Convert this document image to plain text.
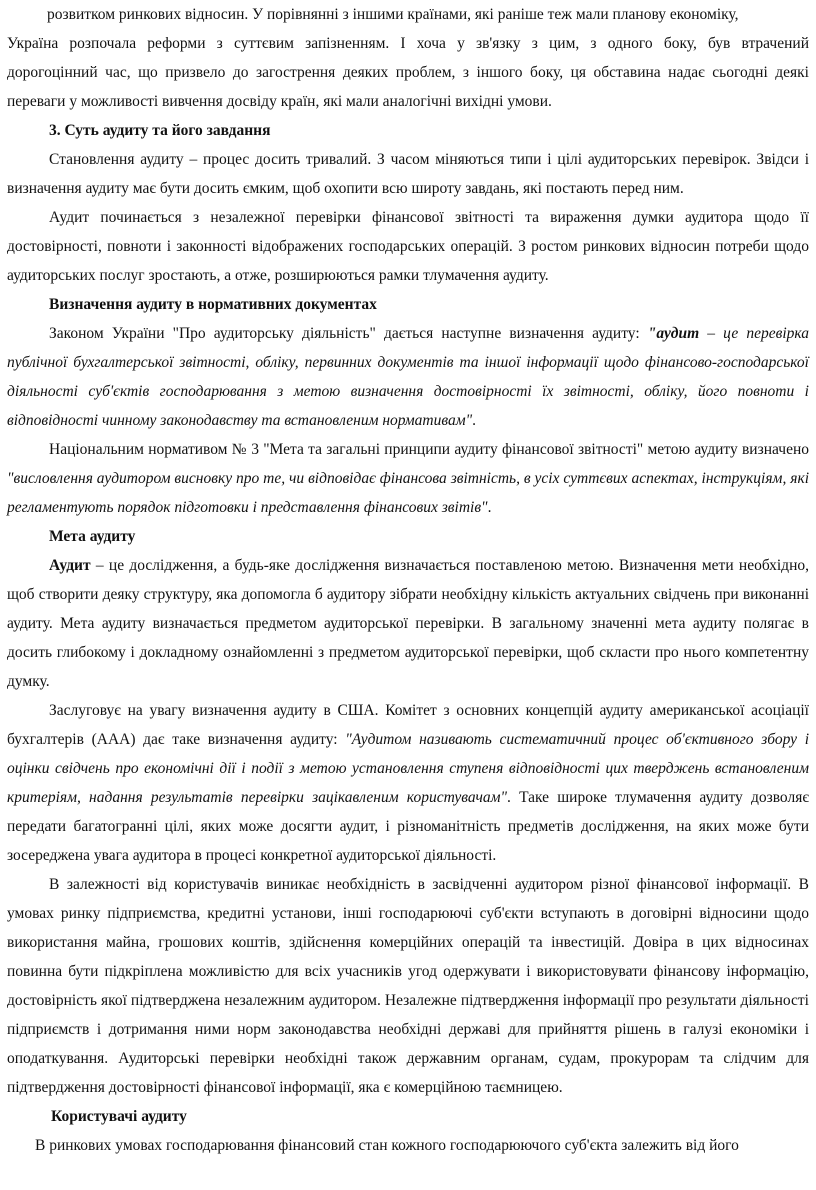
розвитком ринкових відносин. У порівнянні з іншими країнами, які раніше теж мали планову економіку,

Україна розпочала реформи з суттєвим запізненням. І хоча у зв'язку з цим, з одного боку, був втрачений

дорогоцінний час, що призвело до загострення деяких проблем, з іншого боку, ця обставина надає сьогодні деякі

переваги у можливості вивчення досвіду країн, які мали аналогічні вихідні умови.

3. Суть аудиту та його завдання

Становлення аудиту – процес досить тривалий. З часом міняються типи і цілі аудиторських перевірок. Звідси і визначення аудиту має бути досить ємким, щоб охопити всю широту завдань, які постають перед ним.

Аудит починається з незалежної перевірки фінансової звітності та вираження думки аудитора щодо її достовірності, повноти і законності відображених господарських операцій. З ростом ринкових відносин потреби щодо аудиторських послуг зростають, а отже, розширюються рамки тлумачення аудиту.

Визначення аудиту в нормативних документах

Законом України "Про аудиторську діяльність" дається наступне визначення аудиту: "аудит – це перевірка публічної бухгалтерської звітності, обліку, первинних документів та іншої інформації щодо фінансово-господарської діяльності суб'єктів господарювання з метою визначення достовірності їх звітності, обліку, його повноти і відповідності чинному законодавству та встановленим нормативам".

Національним нормативом № 3 "Мета та загальні принципи аудиту фінансової звітності" метою аудиту визначено "висловлення аудитором висновку про те, чи відповідає фінансова звітність, в усіх суттєвих аспектах, інструкціям, які регламентують порядок підготовки і представлення фінансових звітів".

Мета аудиту

Аудит – це дослідження, а будь-яке дослідження визначається поставленою метою. Визначення мети необхідно, щоб створити деяку структуру, яка допомогла б аудитору зібрати необхідну кількість актуальних свідчень при виконанні аудиту. Мета аудиту визначається предметом аудиторської перевірки. В загальному значенні мета аудиту полягає в досить глибокому і докладному ознайомленні з предметом аудиторської перевірки, щоб скласти про нього компетентну думку.

Заслуговує на увагу визначення аудиту в США. Комітет з основних концепцій аудиту американської асоціації бухгалтерів (ААА) дає таке визначення аудиту: "Аудитом називають систематичний процес об'єктивного збору і оцінки свідчень про економічні дії і події з метою установлення ступеня відповідності цих тверджень встановленим критеріям, надання результатів перевірки зацікавленим користувачам". Таке широке тлумачення аудиту дозволяє передати багатогранні цілі, яких може досягти аудит, і різноманітність предметів дослідження, на яких може бути зосереджена увага аудитора в процесі конкретної аудиторської діяльності.

В залежності від користувачів виникає необхідність в засвідченні аудитором різної фінансової інформації. В умовах ринку підприємства, кредитні установи, інші господарюючі суб'єкти вступають в договірні відносини щодо використання майна, грошових коштів, здійснення комерційних операцій та інвестицій. Довіра в цих відносинах повинна бути підкріплена можливістю для всіх учасників угод одержувати і використовувати фінансову інформацію, достовірність якої підтверджена незалежним аудитором. Незалежне підтвердження інформації про результати діяльності підприємств і дотримання ними норм законодавства необхідні державі для прийняття рішень в галузі економіки і оподаткування. Аудиторські перевірки необхідні також державним органам, судам, прокурорам та слідчим для підтвердження достовірності фінансової інформації, яка є комерційною таємницею.

Користувачі аудиту

В ринкових умовах господарювання фінансовий стан кожного господарюючого суб'єкта залежить від його
